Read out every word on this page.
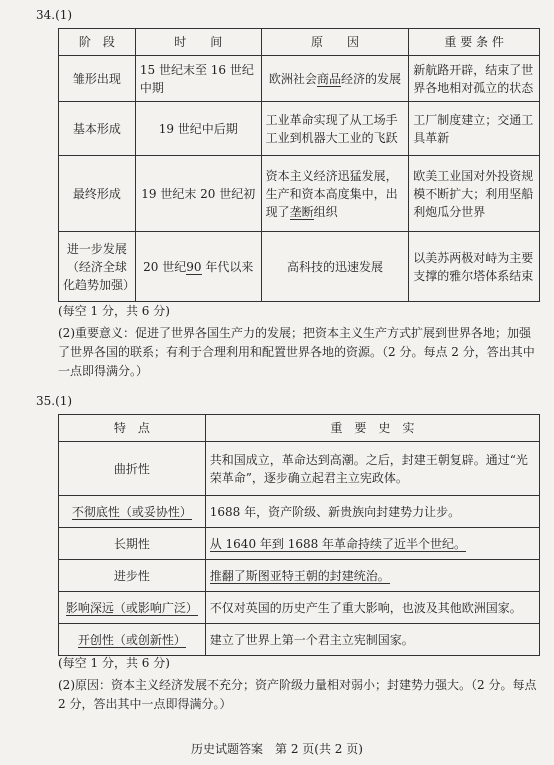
34.(1)
阶　段	时　　间	原　　因	重 要 条 件
雏形出现	15 世纪末至 16 世纪中期	欧洲社会商品经济的发展	新航路开辟，结束了世界各地相对孤立的状态
基本形成	19 世纪中后期	工业革命实现了从工场手工业到机器大工业的飞跃	工厂制度建立；交通工具革新
最终形成	19 世纪末 20 世纪初	资本主义经济迅猛发展，生产和资本高度集中，出现了垄断组织	欧美工业国对外投资规模不断扩大；利用坚船利炮瓜分世界
进一步发展（经济全球化趋势加强）	20 世纪90 年代以来	高科技的迅速发展	以美苏两极对峙为主要支撑的雅尔塔体系结束
(每空 1 分，共 6 分)
(2)重要意义：促进了世界各国生产力的发展；把资本主义生产方式扩展到世界各地；加强了世界各国的联系；有利于合理利用和配置世界各地的资源。（2 分。每点 2 分，答出其中一点即得满分。）
35.(1)
特　点	重　要　史　实
曲折性	共和国成立，革命达到高潮。之后，封建王朝复辟。通过“光荣革命”，逐步确立起君主立宪政体。
不彻底性（或妥协性）	1688 年，资产阶级、新贵族向封建势力让步。
长期性	从 1640 年到 1688 年革命持续了近半个世纪。
进步性	推翻了斯图亚特王朝的封建统治。
影响深远（或影响广泛）	不仅对英国的历史产生了重大影响，也波及其他欧洲国家。
开创性（或创新性）	建立了世界上第一个君主立宪制国家。
(每空 1 分，共 6 分)
(2)原因：资本主义经济发展不充分；资产阶级力量相对弱小；封建势力强大。（2 分。每点 2 分，答出其中一点即得满分。）
历史试题答案　第 2 页(共 2 页)
